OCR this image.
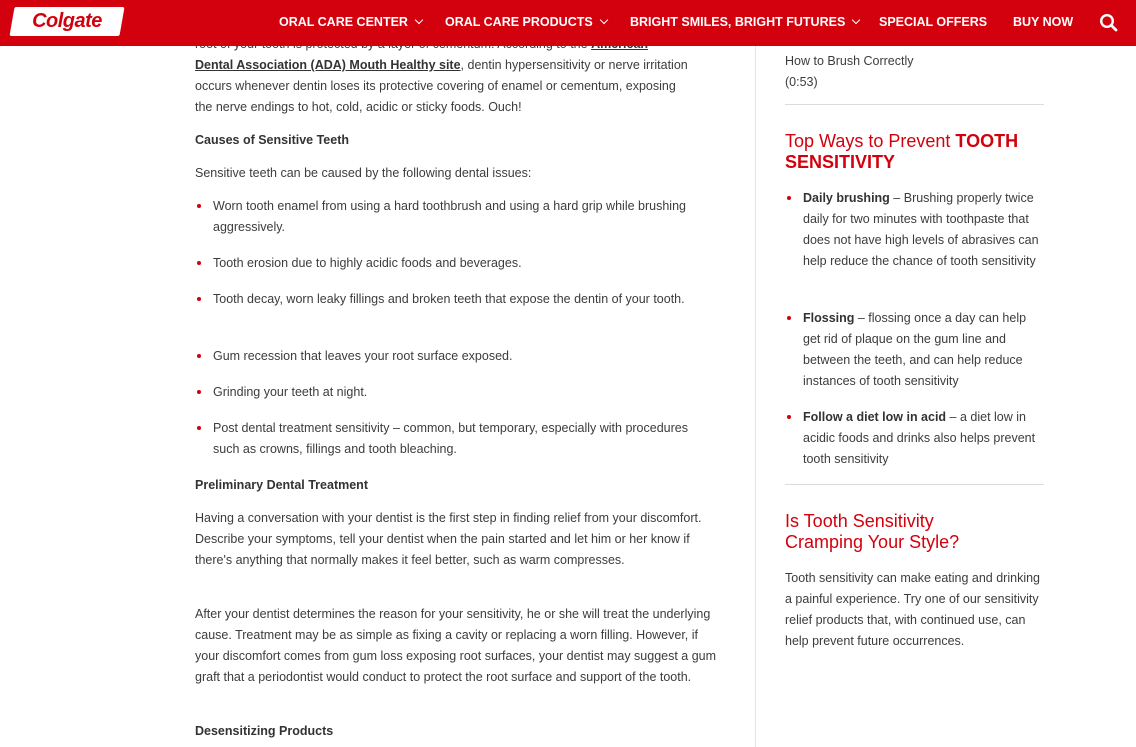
Colgate	ORAL CARE CENTER	ORAL CARE PRODUCTS	BRIGHT SMILES, BRIGHT FUTURES	SPECIAL OFFERS BUY NOW

Dental Association (ADA) Mouth Healthy site, dentin hypersensitivity or nerve irritation
occurs whenever dentin loses its protective covering of enamel or cementum, exposing
the nerve endings to hot, cold, acidic or sticky foods. Ouch!

Causes of Sensitive Teeth

Sensitive teeth can be caused by the following dental issues:

Worn tooth enamel from using a hard toothbrush and using a hard grip while brushing aggressively.
Tooth erosion due to highly acidic foods and beverages.
Tooth decay, worn leaky fillings and broken teeth that expose the dentin of your tooth.
Gum recession that leaves your root surface exposed.
Grinding your teeth at night.
Post dental treatment sensitivity – common, but temporary, especially with procedures such as crowns, fillings and tooth bleaching.
Preliminary Dental Treatment

Having a conversation with your dentist is the first step in finding relief from your discomfort. Describe your symptoms, tell your dentist when the pain started and let him or her know if there's anything that normally makes it feel better, such as warm compresses.

After your dentist determines the reason for your sensitivity, he or she will treat the underlying cause. Treatment may be as simple as fixing a cavity or replacing a worn filling. However, if your discomfort comes from gum loss exposing root surfaces, your dentist may suggest a gum graft that a periodontist would conduct to protect the root surface and support of the tooth.

Desensitizing Products

How to Brush Correctly

(0:53)

Top Ways to Prevent TOOTH SENSITIVITY
Daily brushing – Brushing properly twice daily for two minutes with toothpaste that does not have high levels of abrasives can help reduce the chance of tooth sensitivity
Flossing – flossing once a day can help get rid of plaque on the gum line and between the teeth, and can help reduce instances of tooth sensitivity
Follow a diet low in acid – a diet low in acidic foods and drinks also helps prevent tooth sensitivity
Is Tooth Sensitivity Cramping Your Style?

Tooth sensitivity can make eating and drinking a painful experience. Try one of our sensitivity relief products that, with continued use, can help prevent future occurrences.
